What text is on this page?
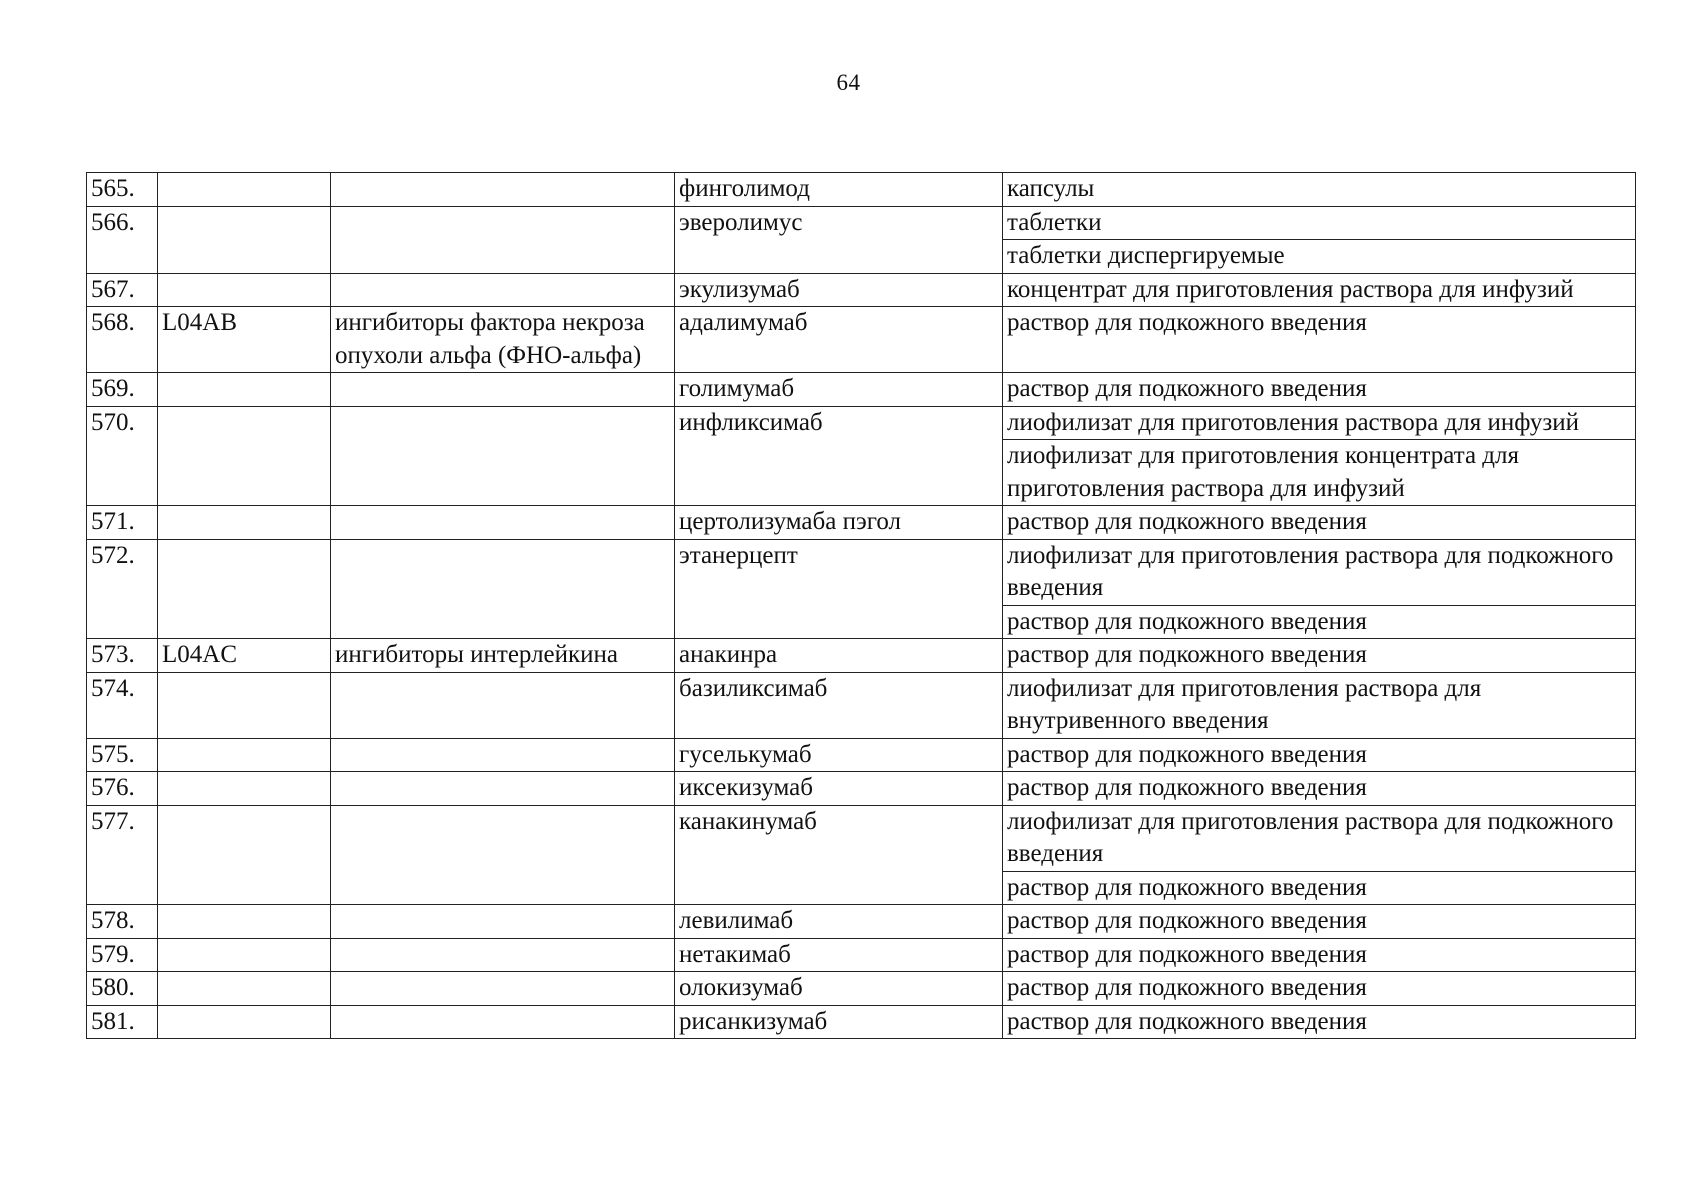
64
565.			финголимод	капсулы
566.			эверолимус	таблетки
				таблетки диспергируемые
567.			экулизумаб	концентрат для приготовления раствора для инфузий
568.	L04AB	ингибиторы фактора некроза опухоли альфа (ФНО-альфа)	адалимумаб	раствор для подкожного введения
569.			голимумаб	раствор для подкожного введения
570.			инфликсимаб	лиофилизат для приготовления раствора для инфузий
				лиофилизат для приготовления концентрата для приготовления раствора для инфузий
571.			цертолизумаба пэгол	раствор для подкожного введения
572.			этанерцепт	лиофилизат для приготовления раствора для подкожного введения
				раствор для подкожного введения
573.	L04AC	ингибиторы интерлейкина	анакинра	раствор для подкожного введения
574.			базиликсимаб	лиофилизат для приготовления раствора для внутривенного введения
575.			гуселькумаб	раствор для подкожного введения
576.			иксекизумаб	раствор для подкожного введения
577.			канакинумаб	лиофилизат для приготовления раствора для подкожного введения
				раствор для подкожного введения
578.			левилимаб	раствор для подкожного введения
579.			нетакимаб	раствор для подкожного введения
580.			олокизумаб	раствор для подкожного введения
581.			рисанкизумаб	раствор для подкожного введения
